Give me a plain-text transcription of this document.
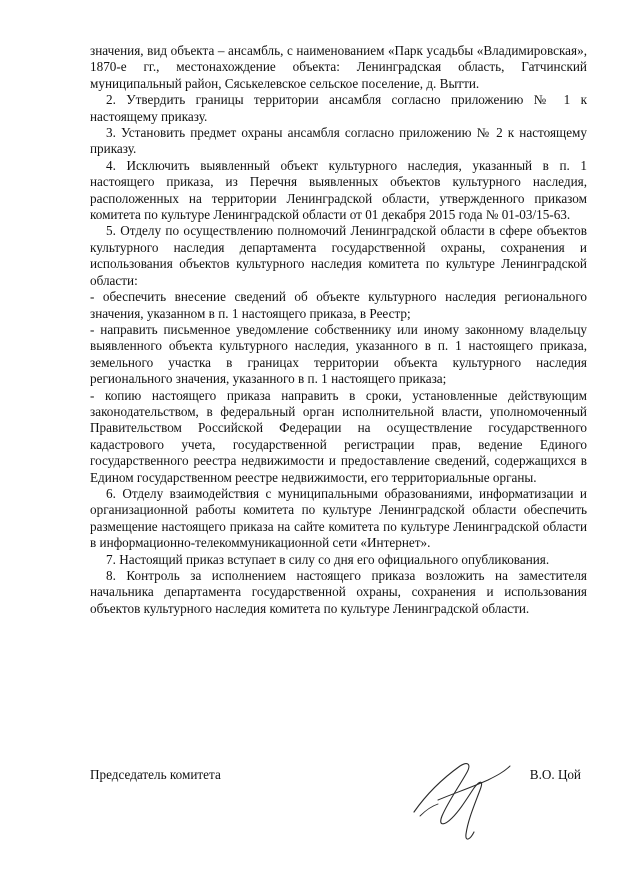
значения, вид объекта – ансамбль, с наименованием «Парк усадьбы «Владимировская», 1870-е гг., местонахождение объекта: Ленинградская область, Гатчинский муниципальный район, Сяськелевское сельское поселение, д. Вытти.

2. Утвердить границы территории ансамбля согласно приложению № 1 к настоящему приказу.

3. Установить предмет охраны ансамбля согласно приложению № 2 к настоящему приказу.

4. Исключить выявленный объект культурного наследия, указанный в п. 1 настоящего приказа, из Перечня выявленных объектов культурного наследия, расположенных на территории Ленинградской области, утвержденного приказом комитета по культуре Ленинградской области от 01 декабря 2015 года № 01-03/15-63.

5. Отделу по осуществлению полномочий Ленинградской области в сфере объектов культурного наследия департамента государственной охраны, сохранения и использования объектов культурного наследия комитета по культуре Ленинградской области:

- обеспечить внесение сведений об объекте культурного наследия регионального значения, указанном в п. 1 настоящего приказа, в Реестр;

- направить письменное уведомление собственнику или иному законному владельцу выявленного объекта культурного наследия, указанного в п. 1 настоящего приказа, земельного участка в границах территории объекта культурного наследия регионального значения, указанного в п. 1 настоящего приказа;

- копию настоящего приказа направить в сроки, установленные действующим законодательством, в федеральный орган исполнительной власти, уполномоченный Правительством Российской Федерации на осуществление государственного кадастрового учета, государственной регистрации прав, ведение Единого государственного реестра недвижимости и предоставление сведений, содержащихся в Едином государственном реестре недвижимости, его территориальные органы.

6. Отделу взаимодействия с муниципальными образованиями, информатизации и организационной работы комитета по культуре Ленинградской области обеспечить размещение настоящего приказа на сайте комитета по культуре Ленинградской области в информационно-телекоммуникационной сети «Интернет».

7. Настоящий приказ вступает в силу со дня его официального опубликования.

8. Контроль за исполнением настоящего приказа возложить на заместителя начальника департамента государственной охраны, сохранения и использования объектов культурного наследия комитета по культуре Ленинградской области.

Председатель комитета	В.О. Цой
